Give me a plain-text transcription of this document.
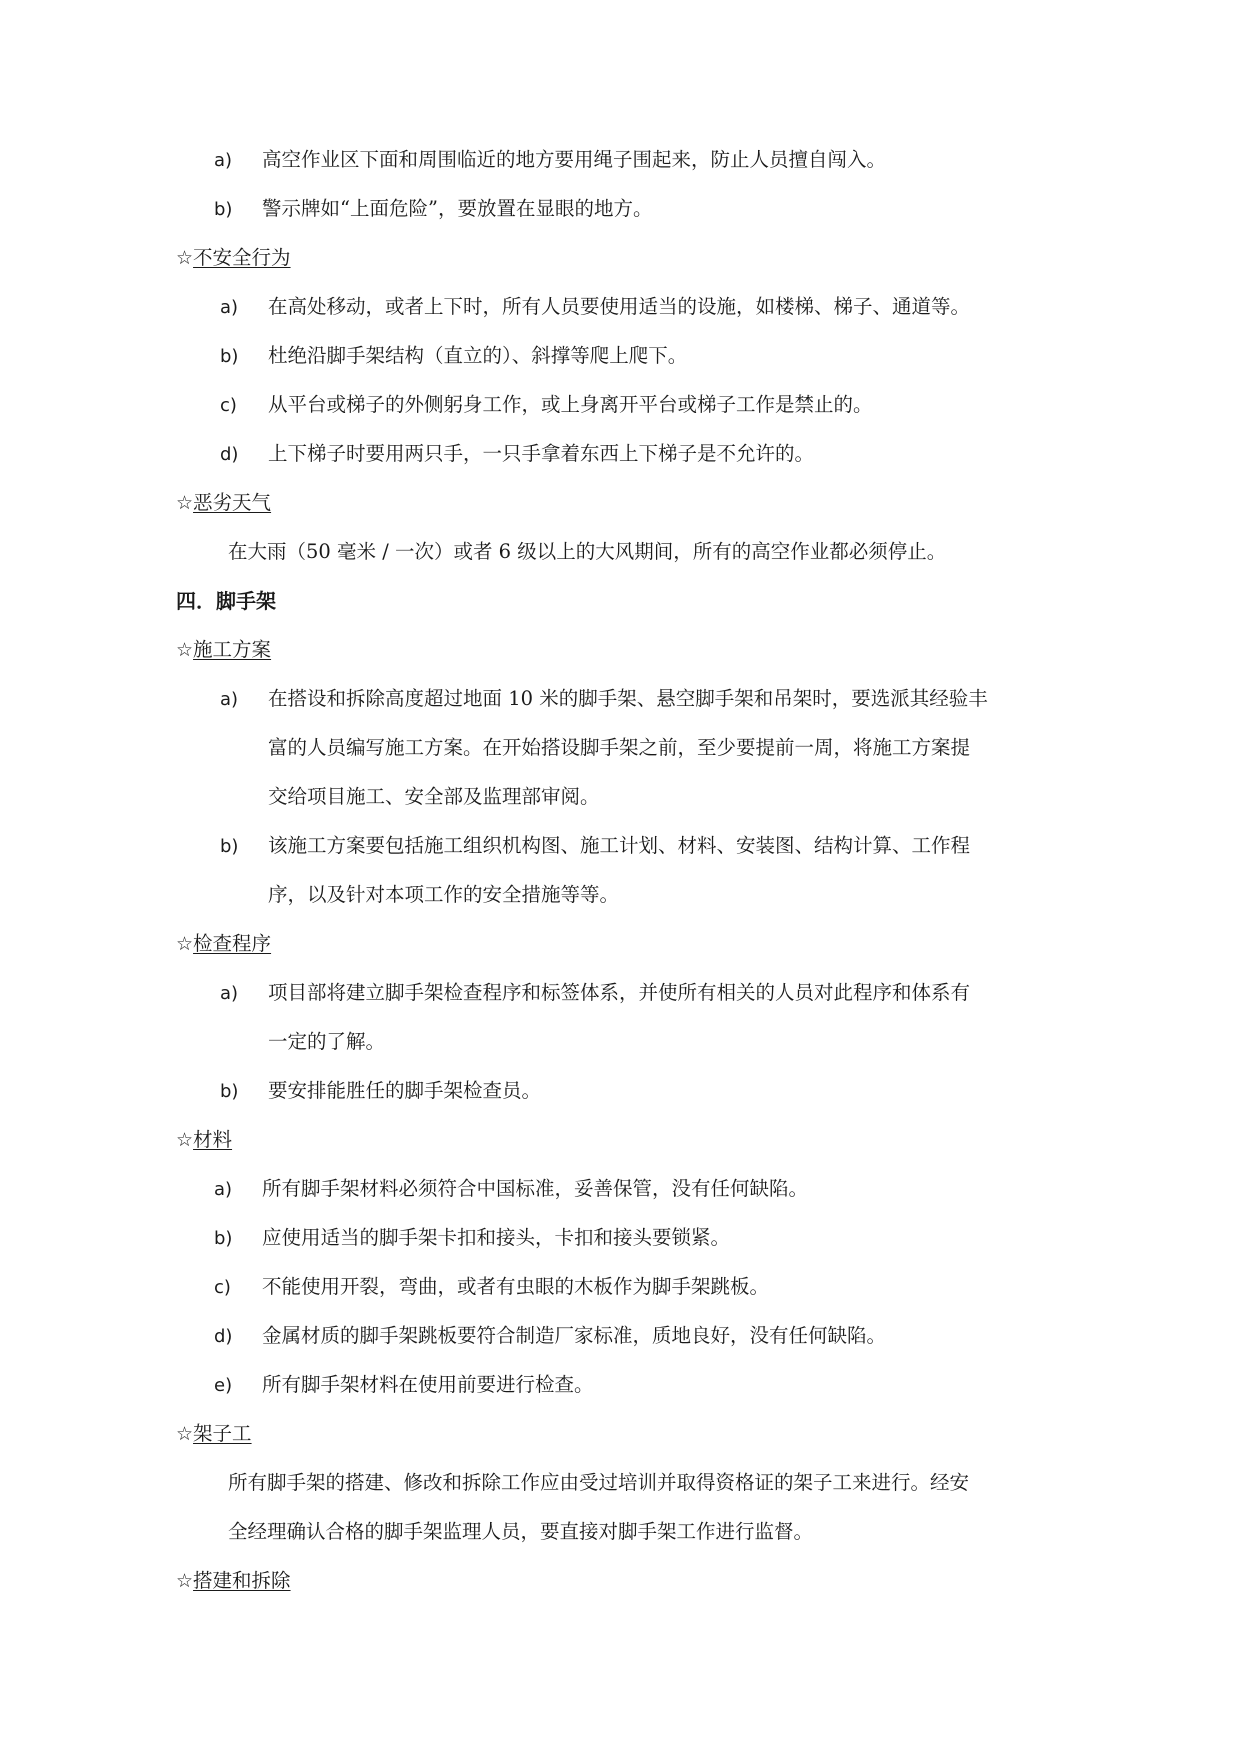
a) 高空作业区下面和周围临近的地方要用绳子围起来，防止人员擅自闯入。
b) 警示牌如“上面危险”，要放置在显眼的地方。
☆不安全行为
a) 在高处移动，或者上下时，所有人员要使用适当的设施，如楼梯、梯子、通道等。
b) 杜绝沿脚手架结构（直立的）、斜撑等爬上爬下。
c) 从平台或梯子的外侧躬身工作，或上身离开平台或梯子工作是禁止的。
d) 上下梯子时要用两只手，一只手拿着东西上下梯子是不允许的。
☆恶劣天气
在大雨（50 毫米 / 一次）或者 6 级以上的大风期间，所有的高空作业都必须停止。
四．脚手架
☆施工方案
a) 在搭设和拆除高度超过地面 10 米的脚手架、悬空脚手架和吊架时，要选派其经验丰
富的人员编写施工方案。在开始搭设脚手架之前，至少要提前一周，将施工方案提
交给项目施工、安全部及监理部审阅。
b) 该施工方案要包括施工组织机构图、施工计划、材料、安装图、结构计算、工作程
序，以及针对本项工作的安全措施等等。
☆检查程序
a) 项目部将建立脚手架检查程序和标签体系，并使所有相关的人员对此程序和体系有
一定的了解。
b) 要安排能胜任的脚手架检查员。
☆材料
a) 所有脚手架材料必须符合中国标准，妥善保管，没有任何缺陷。
b) 应使用适当的脚手架卡扣和接头，卡扣和接头要锁紧。
c) 不能使用开裂，弯曲，或者有虫眼的木板作为脚手架跳板。
d) 金属材质的脚手架跳板要符合制造厂家标准，质地良好，没有任何缺陷。
e) 所有脚手架材料在使用前要进行检查。
☆架子工
所有脚手架的搭建、修改和拆除工作应由受过培训并取得资格证的架子工来进行。经安
全经理确认合格的脚手架监理人员，要直接对脚手架工作进行监督。
☆搭建和拆除
